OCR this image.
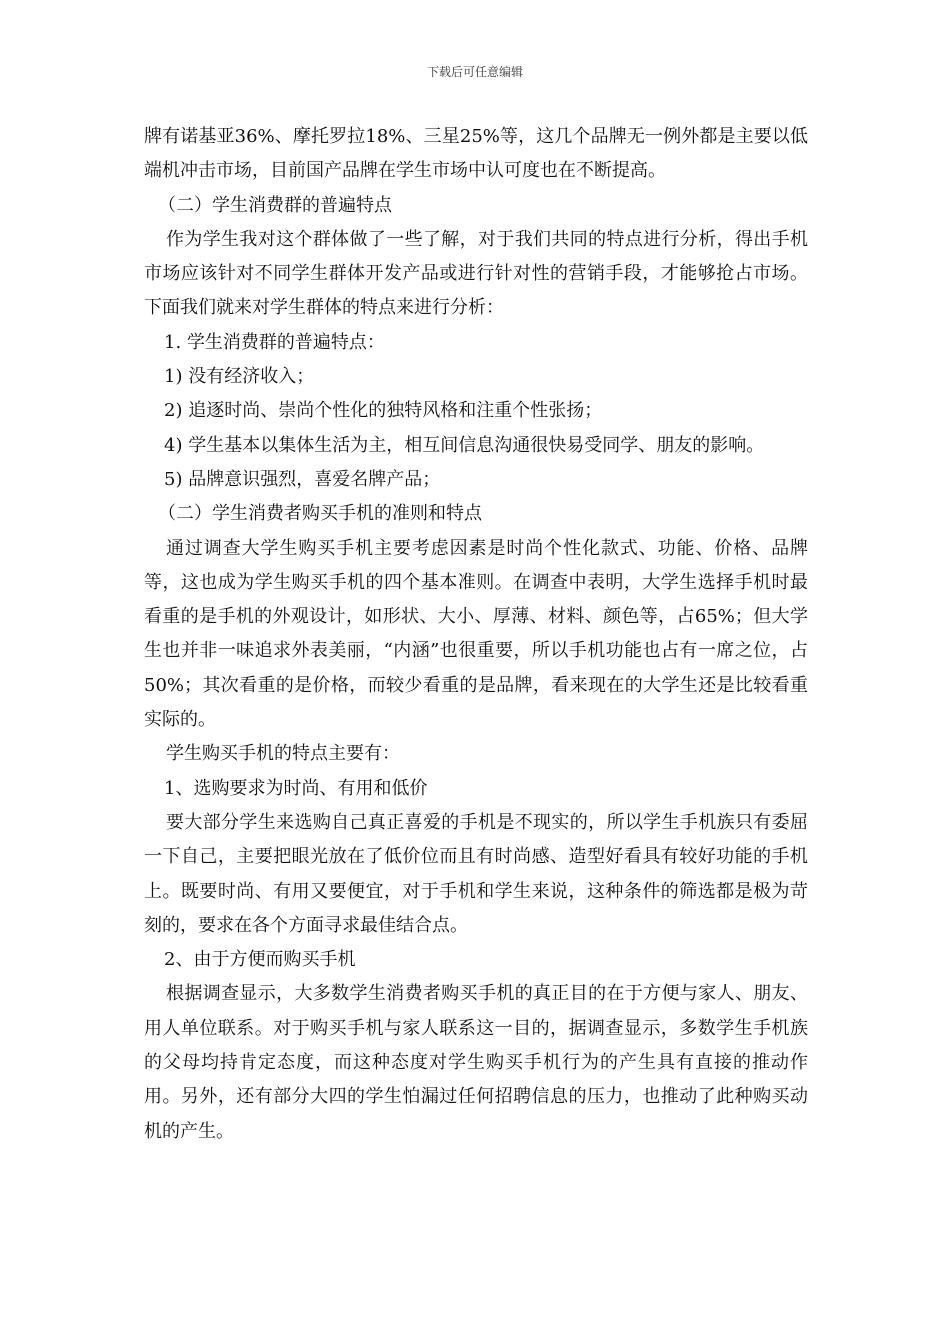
下载后可任意编辑

牌有诺基亚36%、摩托罗拉18%、三星25%等，这几个品牌无一例外都是主要以低端机冲击市场，目前国产品牌在学生市场中认可度也在不断提高。

（二）学生消费群的普遍特点

作为学生我对这个群体做了一些了解，对于我们共同的特点进行分析，得出手机市场应该针对不同学生群体开发产品或进行针对性的营销手段，才能够抢占市场。下面我们就来对学生群体的特点来进行分析：

1. 学生消费群的普遍特点：

1) 没有经济收入；

2) 追逐时尚、崇尚个性化的独特风格和注重个性张扬；

4) 学生基本以集体生活为主，相互间信息沟通很快易受同学、朋友的影响。

5) 品牌意识强烈，喜爱名牌产品；

（二）学生消费者购买手机的准则和特点

通过调查大学生购买手机主要考虑因素是时尚个性化款式、功能、价格、品牌等，这也成为学生购买手机的四个基本准则。在调查中表明，大学生选择手机时最看重的是手机的外观设计，如形状、大小、厚薄、材料、颜色等，占65%；但大学生也并非一味追求外表美丽，“内涵”也很重要，所以手机功能也占有一席之位，占50%；其次看重的是价格，而较少看重的是品牌，看来现在的大学生还是比较看重实际的。

学生购买手机的特点主要有：

1、选购要求为时尚、有用和低价

要大部分学生来选购自己真正喜爱的手机是不现实的，所以学生手机族只有委屈一下自己，主要把眼光放在了低价位而且有时尚感、造型好看具有较好功能的手机上。既要时尚、有用又要便宜，对于手机和学生来说，这种条件的筛选都是极为苛刻的，要求在各个方面寻求最佳结合点。

2、由于方便而购买手机

根据调查显示，大多数学生消费者购买手机的真正目的在于方便与家人、朋友、用人单位联系。对于购买手机与家人联系这一目的，据调查显示，多数学生手机族的父母均持肯定态度，而这种态度对学生购买手机行为的产生具有直接的推动作用。另外，还有部分大四的学生怕漏过任何招聘信息的压力，也推动了此种购买动机的产生。
